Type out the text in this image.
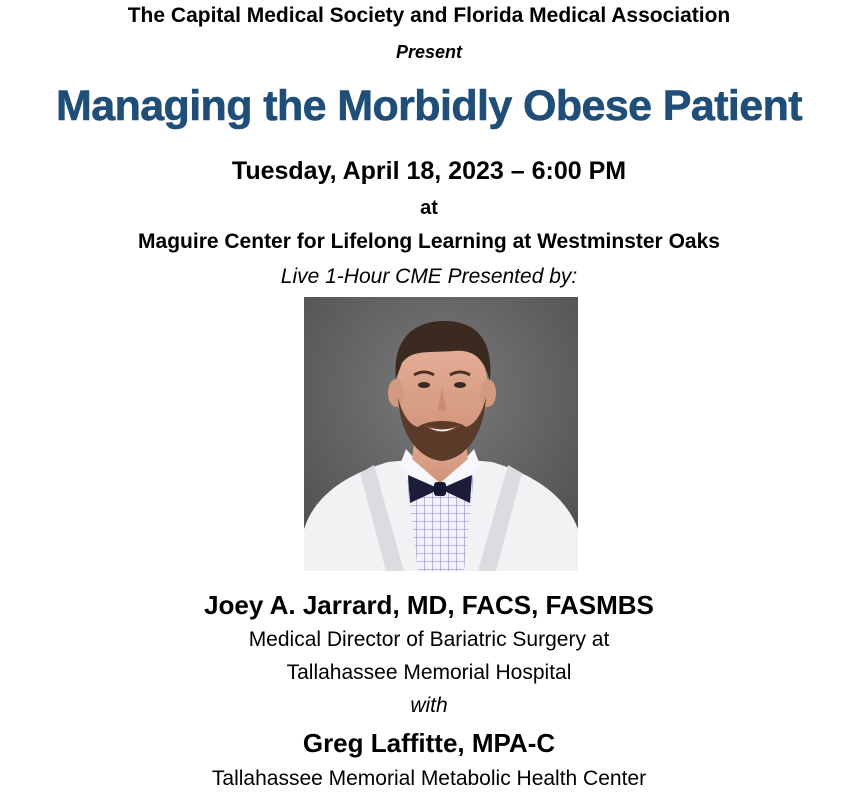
The Capital Medical Society and Florida Medical Association
Present
Managing the Morbidly Obese Patient
Tuesday, April 18, 2023 – 6:00 PM
at
Maguire Center for Lifelong Learning at Westminster Oaks
Live 1-Hour CME Presented by:
Joey A. Jarrard, MD, FACS, FASMBS
Medical Director of Bariatric Surgery at
Tallahassee Memorial Hospital
with
Greg Laffitte, MPA-C
Tallahassee Memorial Metabolic Health Center
